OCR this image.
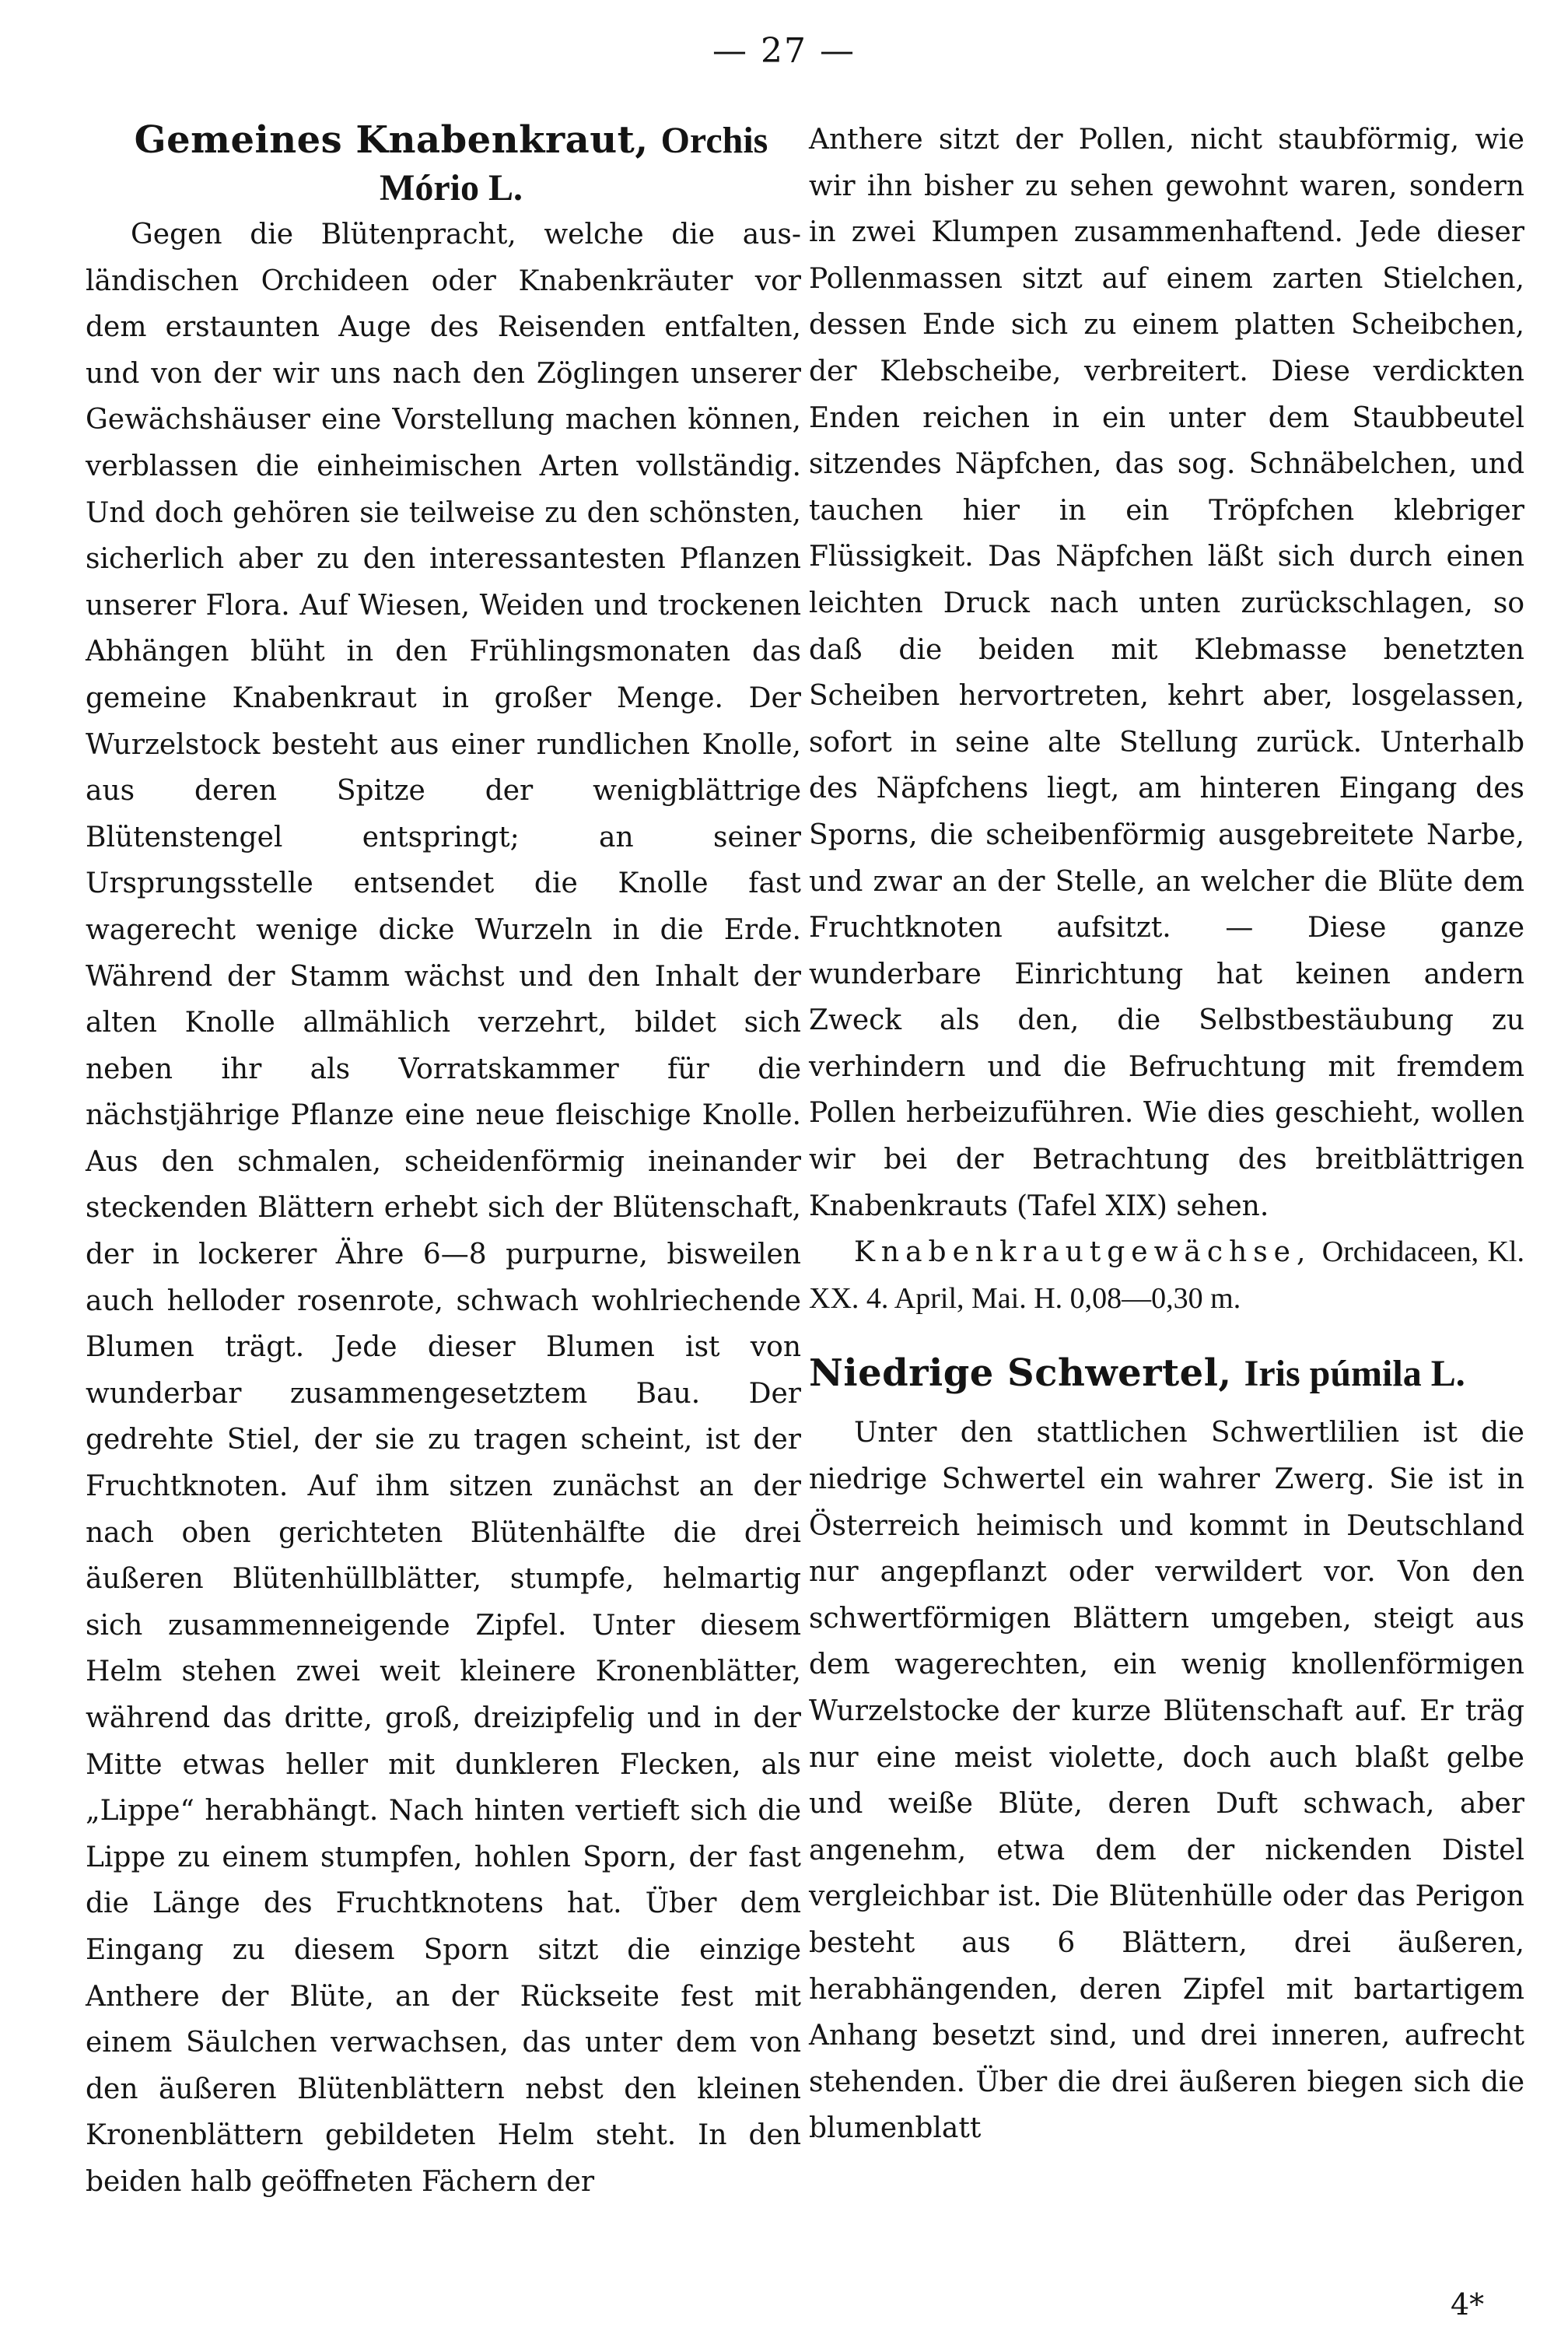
— 27 —
Gemeines Knabenkraut, Orchis Mório L.

Gegen die Blütenpracht, welche die ausländischen Orchideen oder Knabenkräuter vor dem erstaunten Auge des Reisenden entfalten, und von der wir uns nach den Zöglingen unserer Gewächshäuser eine Vorstellung machen können, verblassen die einheimischen Arten vollständig. Und doch gehören sie teilweise zu den schönsten, sicherlich aber zu den interessantesten Pflanzen unserer Flora. Auf Wiesen, Weiden und trockenen Abhängen blüht in den Frühlingsmonaten das gemeine Knabenkraut in großer Menge. Der Wurzelstock besteht aus einer rundlichen Knolle, aus deren Spitze der wenigblättrige Blütenstengel entspringt; an seiner Ursprungsstelle entsendet die Knolle fast wagerecht wenige dicke Wurzeln in die Erde. Während der Stamm wächst und den Inhalt der alten Knolle allmählich verzehrt, bildet sich neben ihr als Vorratskammer für die nächstjährige Pflanze eine neue fleischige Knolle. Aus den schmalen, scheidenförmig ineinander steckenden Blättern erhebt sich der Blütenschaft, der in lockerer Ähre 6—8 purpurne, bisweilen auch helloder rosenrote, schwach wohlriechende Blumen trägt. Jede dieser Blumen ist von wunderbar zusammengesetztem Bau. Der gedrehte Stiel, der sie zu tragen scheint, ist der Fruchtknoten. Auf ihm sitzen zunächst an der nach oben gerichteten Blütenhälfte die drei äußeren Blütenhüllblätter, stumpfe, helmartig sich zusammenneigende Zipfel. Unter diesem Helm stehen zwei weit kleinere Kronenblätter, während das dritte, groß, dreizipfelig und in der Mitte etwas heller mit dunkleren Flecken, als „Lippe“ herabhängt. Nach hinten vertieft sich die Lippe zu einem stumpfen, hohlen Sporn, der fast die Länge des Fruchtknotens hat. Über dem Eingang zu diesem Sporn sitzt die einzige Anthere der Blüte, an der Rückseite fest mit einem Säulchen verwachsen, das unter dem von den äußeren Blütenblättern nebst den kleinen Kronenblättern gebildeten Helm steht. In den beiden halb geöffneten Fächern der

Anthere sitzt der Pollen, nicht staubförmig, wie wir ihn bisher zu sehen gewohnt waren, sondern in zwei Klumpen zusammenhaftend. Jede dieser Pollenmassen sitzt auf einem zarten Stielchen, dessen Ende sich zu einem platten Scheibchen, der Klebscheibe, verbreitert. Diese verdickten Enden reichen in ein unter dem Staubbeutel sitzendes Näpfchen, das sog. Schnäbelchen, und tauchen hier in ein Tröpfchen klebriger Flüssigkeit. Das Näpfchen läßt sich durch einen leichten Druck nach unten zurückschlagen, so daß die beiden mit Klebmasse benetzten Scheiben hervortreten, kehrt aber, losgelassen, sofort in seine alte Stellung zurück. Unterhalb des Näpfchens liegt, am hinteren Eingang des Sporns, die scheibenförmig ausgebreitete Narbe, und zwar an der Stelle, an welcher die Blüte dem Fruchtknoten aufsitzt. — Diese ganze wunderbare Einrichtung hat keinen andern Zweck als den, die Selbstbestäubung zu verhindern und die Befruchtung mit fremdem Pollen herbeizuführen. Wie dies geschieht, wollen wir bei der Betrachtung des breitblättrigen Knabenkrauts (Tafel XIX) sehen.

Knabenkrautgewächse, Orchidaceen, Kl. XX. 4. April, Mai. H. 0,08—0,30 m.

Niedrige Schwertel, Iris púmila L.

Unter den stattlichen Schwertlilien ist die niedrige Schwertel ein wahrer Zwerg. Sie ist in Österreich heimisch und kommt in Deutschland nur angepflanzt oder verwildert vor. Von den schwertförmigen Blättern umgeben, steigt aus dem wagerechten, ein wenig knollenförmigen Wurzelstocke der kurze Blütenschaft auf. Er träg nur eine meist violette, doch auch blaßt gelbe und weiße Blüte, deren Duft schwach, aber angenehm, etwa dem der nickenden Distel vergleichbar ist. Die Blütenhülle oder das Perigon besteht aus 6 Blättern, drei äußeren, herabhängenden, deren Zipfel mit bartartigem Anhang besetzt sind, und drei inneren, aufrecht stehenden. Über die drei äußeren biegen sich die blumenblatt

4*
